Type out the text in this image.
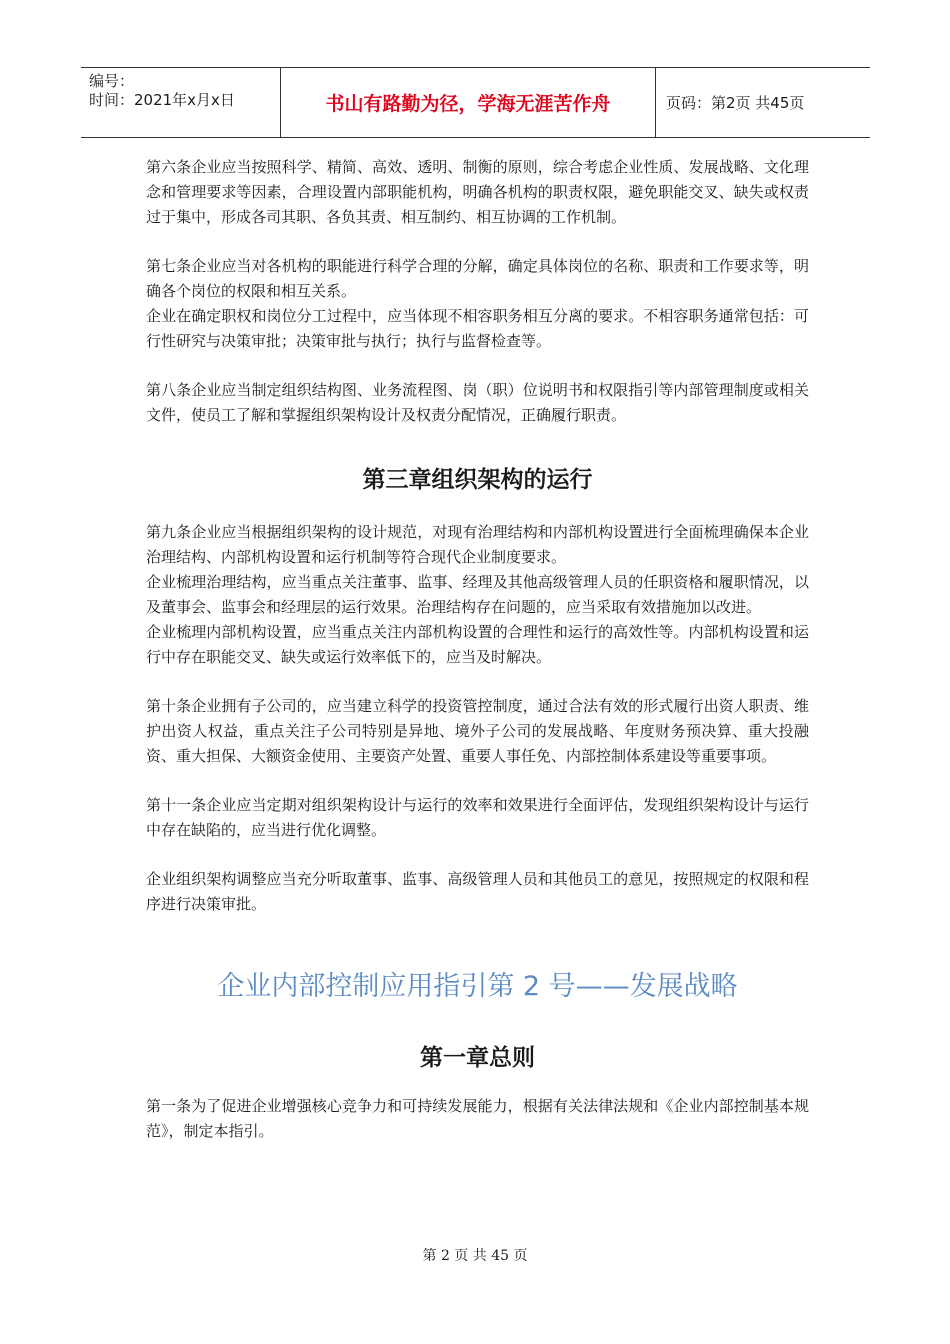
编号：
时间：2021年x月x日	书山有路勤为径，学海无涯苦作舟	页码：第2页 共45页

第六条企业应当按照科学、精简、高效、透明、制衡的原则，综合考虑企业性质、发展战略、文化理念和管理要求等因素，合理设置内部职能机构，明确各机构的职责权限，避免职能交叉、缺失或权责过于集中，形成各司其职、各负其责、相互制约、相互协调的工作机制。

第七条企业应当对各机构的职能进行科学合理的分解，确定具体岗位的名称、职责和工作要求等，明确各个岗位的权限和相互关系。

企业在确定职权和岗位分工过程中，应当体现不相容职务相互分离的要求。不相容职务通常包括：可行性研究与决策审批；决策审批与执行；执行与监督检查等。

第八条企业应当制定组织结构图、业务流程图、岗（职）位说明书和权限指引等内部管理制度或相关文件，使员工了解和掌握组织架构设计及权责分配情况，正确履行职责。

第三章组织架构的运行

第九条企业应当根据组织架构的设计规范，对现有治理结构和内部机构设置进行全面梳理确保本企业治理结构、内部机构设置和运行机制等符合现代企业制度要求。

企业梳理治理结构，应当重点关注董事、监事、经理及其他高级管理人员的任职资格和履职情况，以及董事会、监事会和经理层的运行效果。治理结构存在问题的，应当采取有效措施加以改进。

企业梳理内部机构设置，应当重点关注内部机构设置的合理性和运行的高效性等。内部机构设置和运行中存在职能交叉、缺失或运行效率低下的，应当及时解决。

第十条企业拥有子公司的，应当建立科学的投资管控制度，通过合法有效的形式履行出资人职责、维护出资人权益，重点关注子公司特别是异地、境外子公司的发展战略、年度财务预决算、重大投融资、重大担保、大额资金使用、主要资产处置、重要人事任免、内部控制体系建设等重要事项。

第十一条企业应当定期对组织架构设计与运行的效率和效果进行全面评估，发现组织架构设计与运行中存在缺陷的，应当进行优化调整。

企业组织架构调整应当充分听取董事、监事、高级管理人员和其他员工的意见，按照规定的权限和程序进行决策审批。

企业内部控制应用指引第 2 号——发展战略
第一章总则

第一条为了促进企业增强核心竞争力和可持续发展能力，根据有关法律法规和《企业内部控制基本规范》，制定本指引。

第 2 页 共 45 页
